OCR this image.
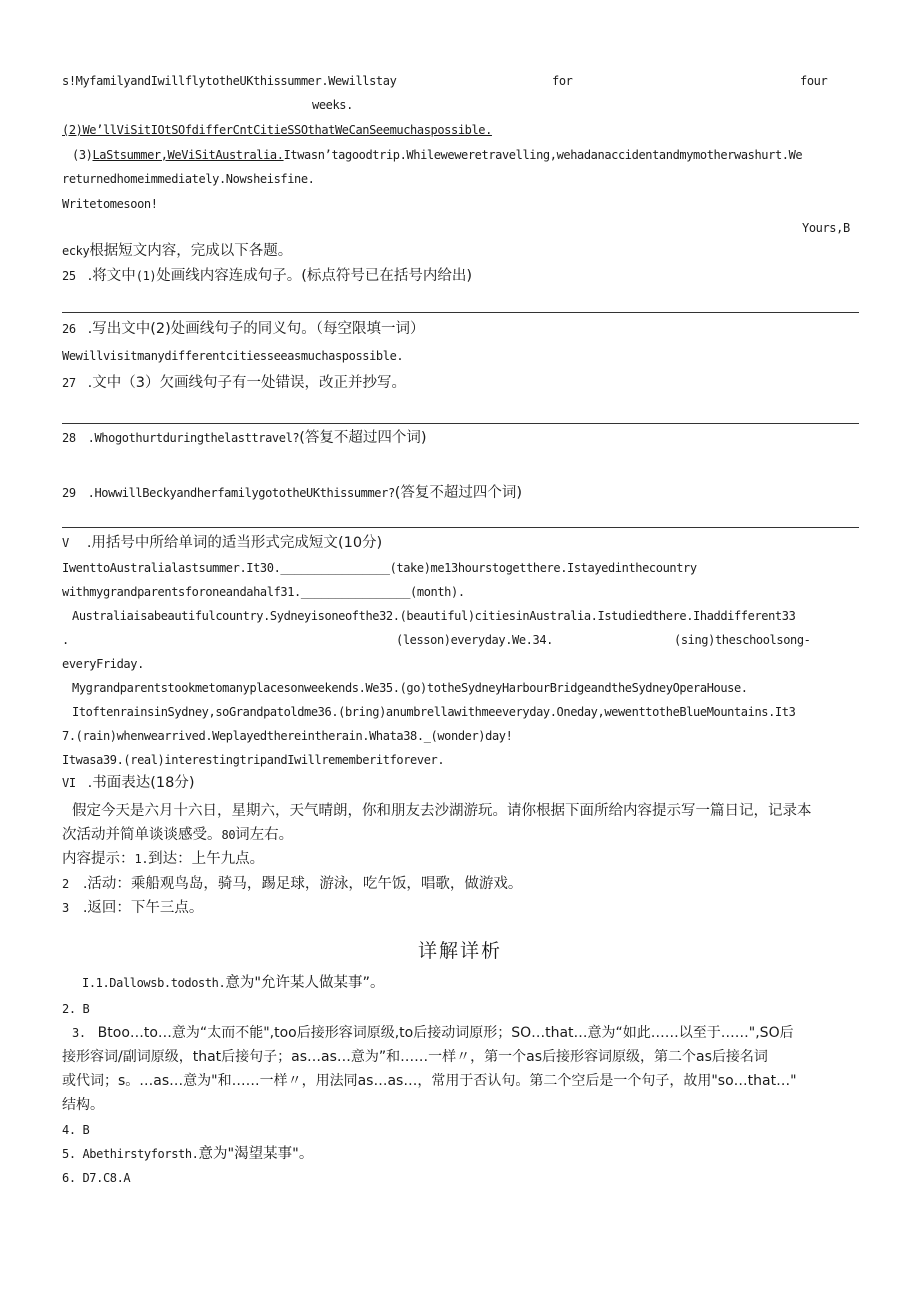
s!MyfamilyandIwillflytotheUKthissummer.Wewillstay	for	four
weeks.
(2)We’llViSitIOtSOfdifferCntCitieSSOthatWeCanSeemuchaspossible.
(3)LaStsummer,WeViSitAustralia.Itwasn’tagoodtrip.Whileweweretravelling,wehadanaccidentandmymotherwashurt.We
returnedhomeimmediately.Nowsheisfine.
Writetomesoon!
Yours,B
ecky根据短文内容，完成以下各题。
25 .将文中(1)处画线内容连成句子。(标点符号已在括号内给出)
26 .写出文中(2)处画线句子的同义句。（每空限填一词）
Wewillvisitmanydifferentcitiesseeasmuchaspossible.
27 .文中（3）欠画线句子有一处错误，改正并抄写。
28 .Whogothurtduringthelasttravel?(答复不超过四个词)
29 .HowwillBeckyandherfamilygototheUKthissummer?(答复不超过四个词)
V .用括号中所给单词的适当形式完成短文(10分)
IwenttoAustralialastsummer.It30.________________(take)me13hourstogetthere.Istayedinthecountry
withmygrandparentsforoneandahalf31.________________(month).
Australiaisabeautifulcountry.Sydneyisoneofthe32.(beautiful)citiesinAustralia.Istudiedthere.Ihaddifferent33
.	(lesson)everyday.We.34.	(sing)theschoolsong-
everyFriday.
Mygrandparentstookmetomanyplacesonweekends.We35.(go)totheSydneyHarbourBridgeandtheSydneyOperaHouse.
ItoftenrainsinSydney,soGrandpatoldme36.(bring)anumbrellawithmeeveryday.Oneday,wewenttotheBlueMountains.It3
7.(rain)whenwearrived.Weplayedthereintherain.Whata38._(wonder)day!
Itwasa39.(real)interestingtripandIwillrememberitforever.
VI .书面表达(18分)
假定今天是六月十六日，星期六，天气晴朗，你和朋友去沙湖游玩。请你根据下面所给内容提示写一篇日记，记录本
次活动并简单谈谈感受。80词左右。
内容提示：1.到达：上午九点。
2 .活动：乘船观鸟岛，骑马，踢足球，游泳，吃午饭，唱歌，做游戏。
3 .返回：下午三点。
详解详析
I.1.Dallowsb.todosth.意为"允许某人做某事”。
2. B
3. Btoo…to…意为“太而不能",too后接形容词原级,to后接动词原形；SO…that…意为“如此……以至于……",SO后
接形容词/副词原级，that后接句子；as…as…意为”和……一样〃，第一个as后接形容词原级，第二个as后接名词
或代词；s。…as…意为"和……一样〃，用法同as…as…，常用于否认句。第二个空后是一个句子，故用"so…that…"
结构。
4. B
5. Abethirstyforsth.意为"渴望某事"。
6. D7.C8.A
